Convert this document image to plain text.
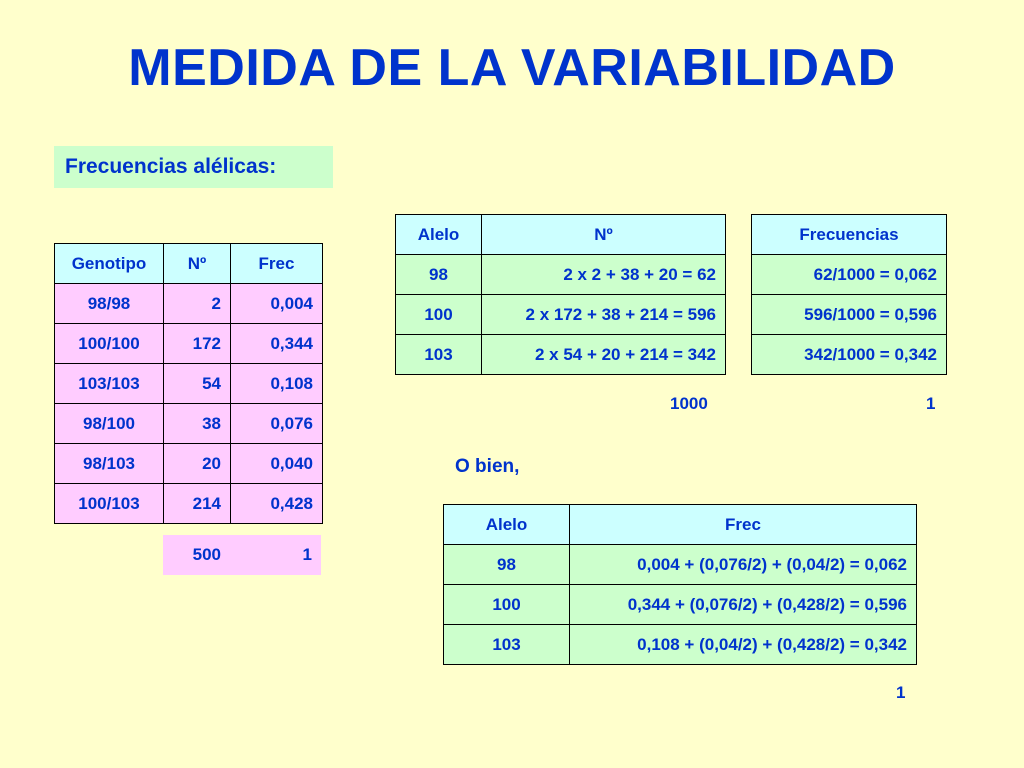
MEDIDA DE LA VARIABILIDAD
Frecuencias alélicas:
Genotipo	Nº	Frec
98/98	2	0,004
100/100	172	0,344
103/103	54	0,108
98/100	38	0,076
98/103	20	0,040
100/103	214	0,428
500	1
Alelo	Nº
98	2 x 2 + 38 + 20 = 62
100	2 x 172 + 38 + 214 = 596
103	2 x 54 + 20 + 214 = 342
1000
Frecuencias
62/1000 = 0,062
596/1000 = 0,596
342/1000 = 0,342
1
O bien,
Alelo	Frec
98	0,004 + (0,076/2) + (0,04/2) = 0,062
100	0,344 + (0,076/2) + (0,428/2) = 0,596
103	0,108 + (0,04/2) + (0,428/2) = 0,342
1
